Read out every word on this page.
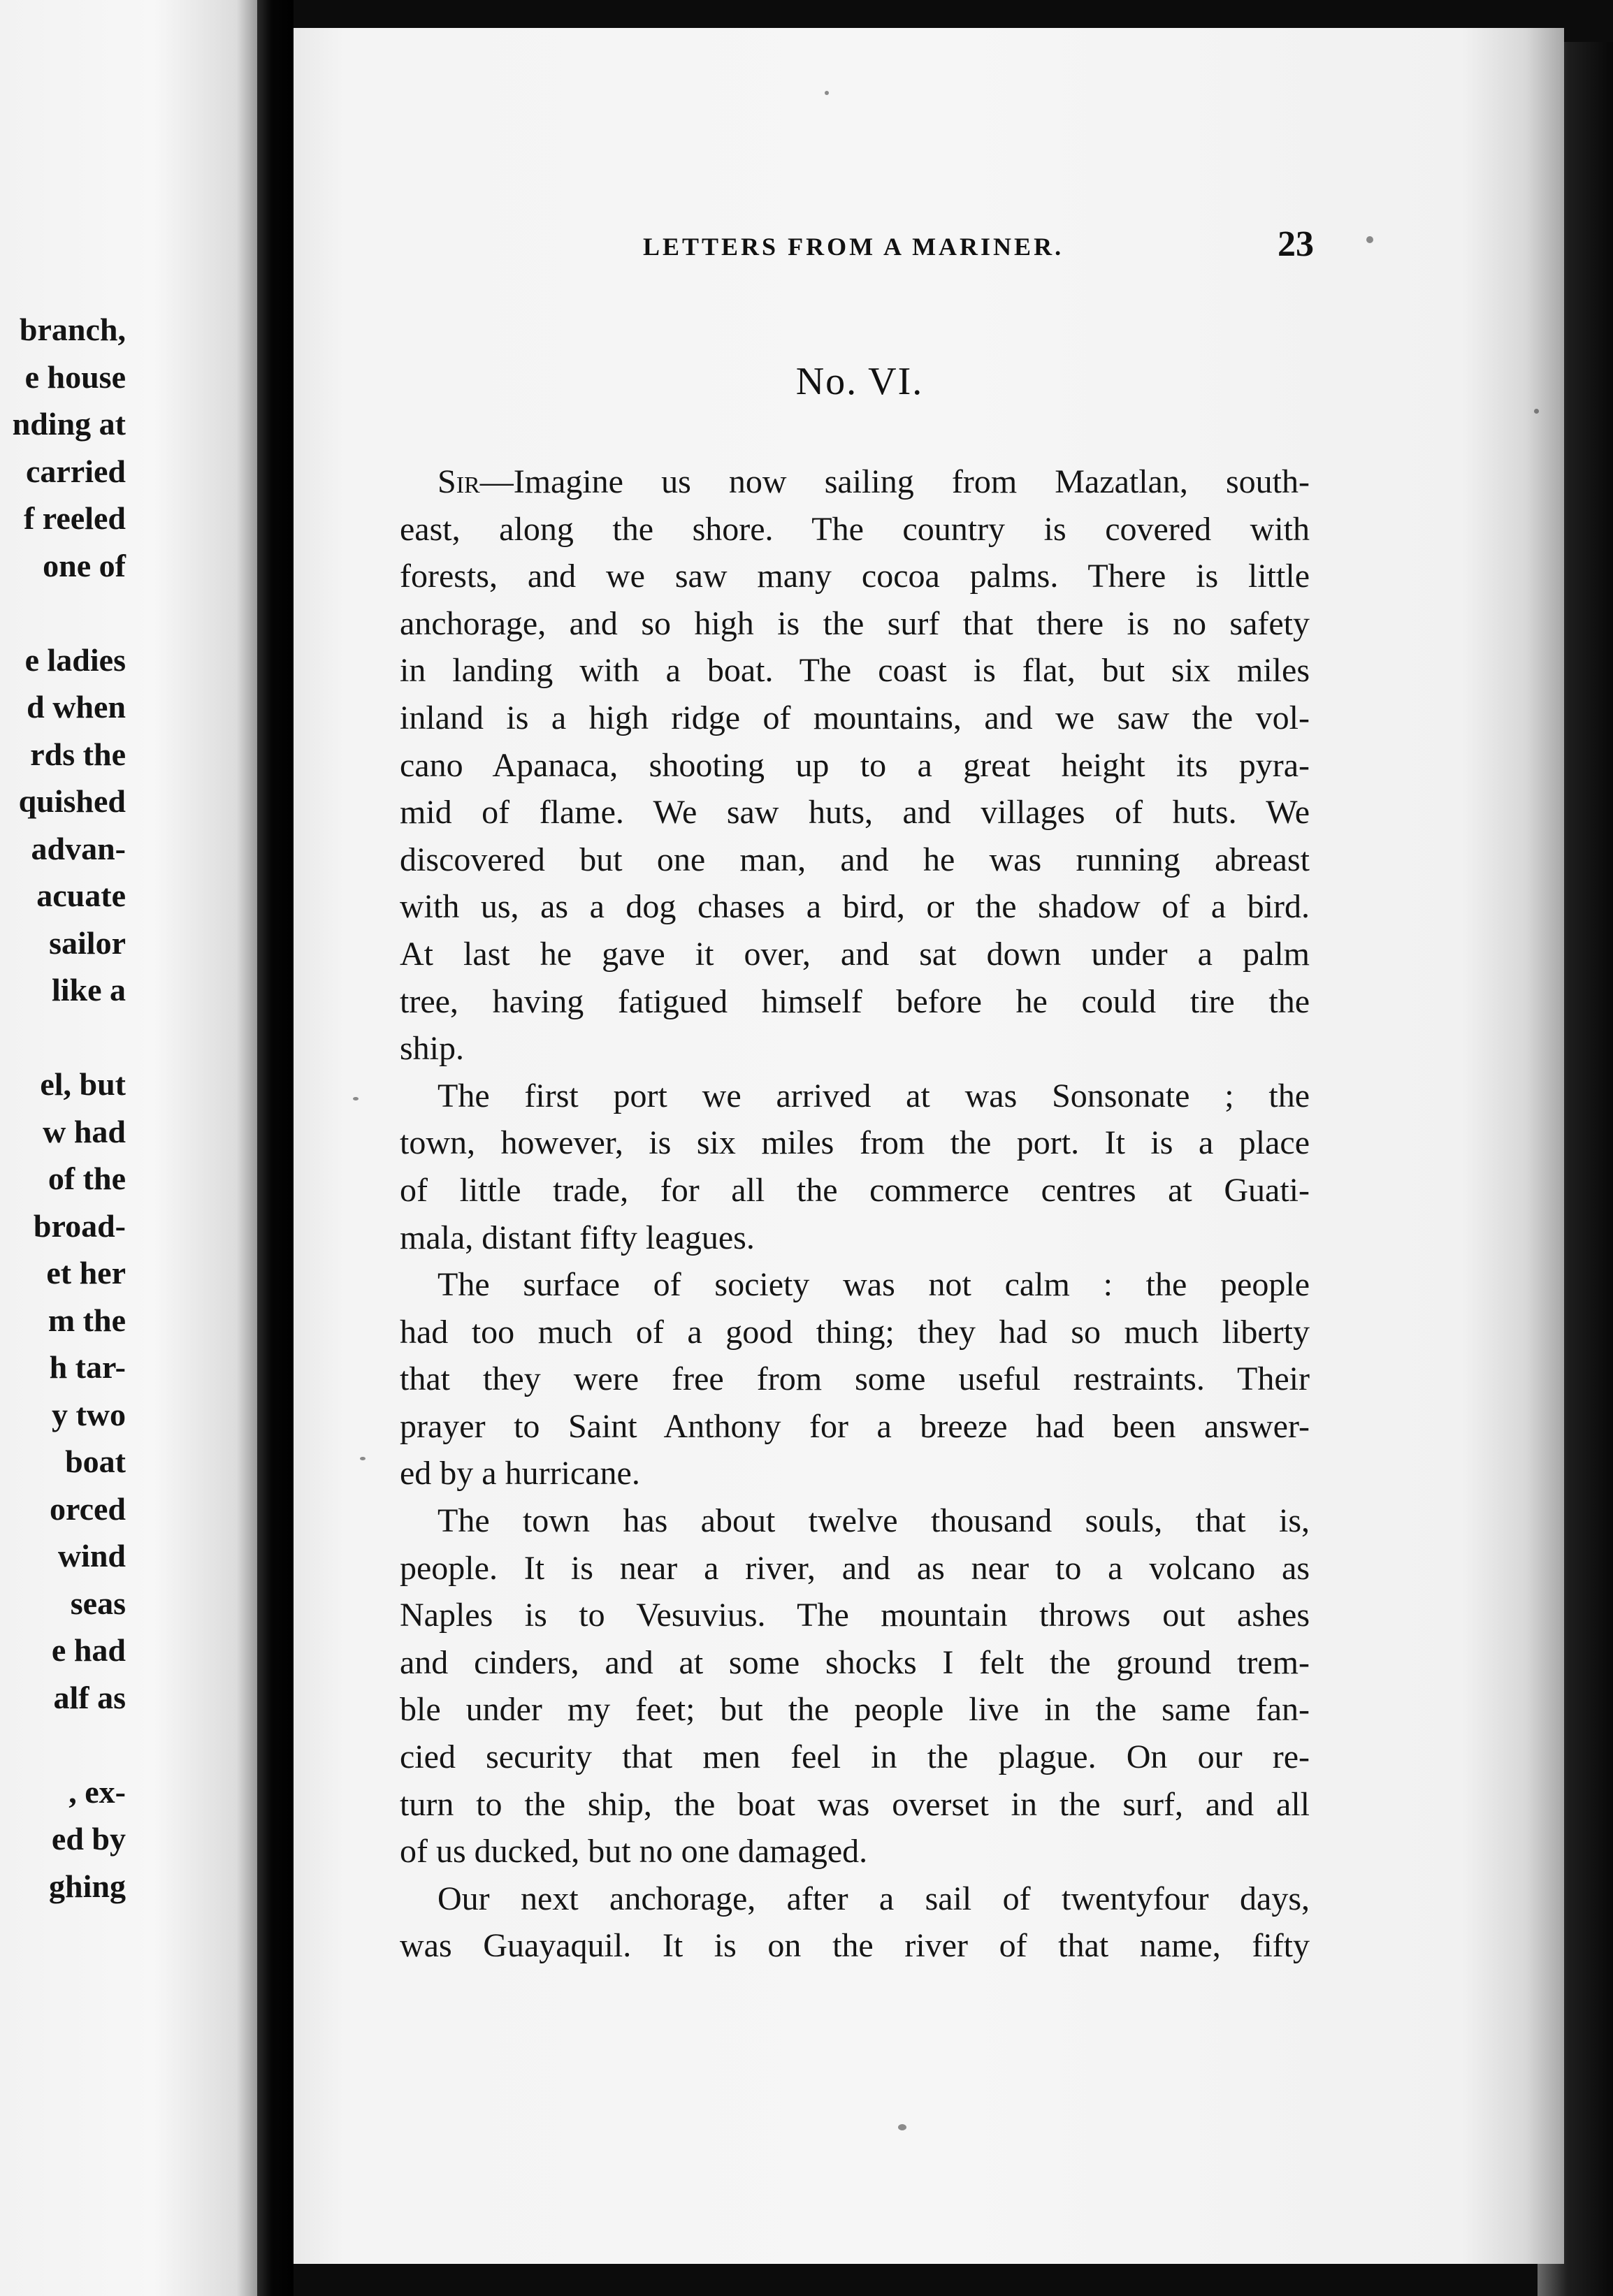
branch,
e house
nding at
carried
f reeled
one of
e ladies
d when
rds the
quished
advan-
acuate
sailor
like a
el, but
w had
of the
broad-
et her
m the
h tar-
y two
boat
orced
wind
seas
e had
alf as
, ex-
ed by
ghing
LETTERS FROM A MARINER.	23
No. VI.
Sir—Imagine us now sailing from Mazatlan, south-
east, along the shore. The country is covered with
forests, and we saw many cocoa palms. There is little
anchorage, and so high is the surf that there is no safety
in landing with a boat. The coast is flat, but six miles
inland is a high ridge of mountains, and we saw the vol-
cano Apanaca, shooting up to a great height its pyra-
mid of flame. We saw huts, and villages of huts. We
discovered but one man, and he was running abreast
with us, as a dog chases a bird, or the shadow of a bird.
At last he gave it over, and sat down under a palm
tree, having fatigued himself before he could tire the
ship.
The first port we arrived at was Sonsonate ; the
town, however, is six miles from the port. It is a place
of little trade, for all the commerce centres at Guati-
mala, distant fifty leagues.
The surface of society was not calm : the people
had too much of a good thing; they had so much liberty
that they were free from some useful restraints. Their
prayer to Saint Anthony for a breeze had been answer-
ed by a hurricane.
The town has about twelve thousand souls, that is,
people. It is near a river, and as near to a volcano as
Naples is to Vesuvius. The mountain throws out ashes
and cinders, and at some shocks I felt the ground trem-
ble under my feet; but the people live in the same fan-
cied security that men feel in the plague. On our re-
turn to the ship, the boat was overset in the surf, and all
of us ducked, but no one damaged.
Our next anchorage, after a sail of twentyfour days,
was Guayaquil. It is on the river of that name, fifty
